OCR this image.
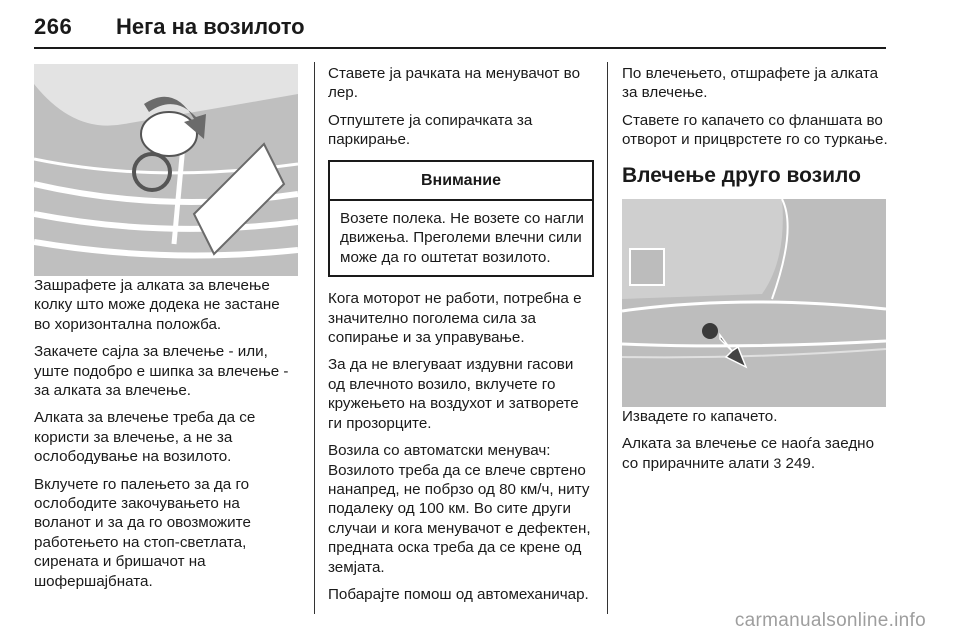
266 Нега на возилото

Зашрафете ја алката за влечење колку што може додека не застане во хоризонтална положба.

Закачете сајла за влечење - или, уште подобро е шипка за влечење - за алката за влечење.

Алката за влечење треба да се користи за влечење, а не за ослободување на возилото.

Вклучете го палењето за да го ослободите закочувањето на воланот и за да го овозможите работењето на стоп-светлата, сирената и бришачот на шофершајбната.

Ставете ја рачката на менувачот во лер.

Отпуштете ја сопирачката за паркирање.

Внимание
Возете полека. Не возете со нагли движења. Преголеми влечни сили може да го оштетат возилото.

Кога моторот не работи, потребна е значително поголема сила за сопирање и за управување.

За да не влегуваат издувни гасови од влечното возило, вклучете го кружењето на воздухот и затворете ги прозорците.

Возила со автоматски менувач: Возилото треба да се влече свртено нанапред, не побрзо од 80 км/ч, ниту подалеку од 100 км. Во сите други случаи и кога менувачот е дефектен, предната оска треба да се крене од земјата.

Побарајте помош од автомеханичар.

По влечењето, отшрафете ја алката за влечење.

Ставете го капачето со фланшата во отворот и прицврстете го со туркање.

Влечење друго возило

Извадете го капачето.

Алката за влечење се наоѓа заедно со прирачните алати 3 249.

carmanualsonline.info
